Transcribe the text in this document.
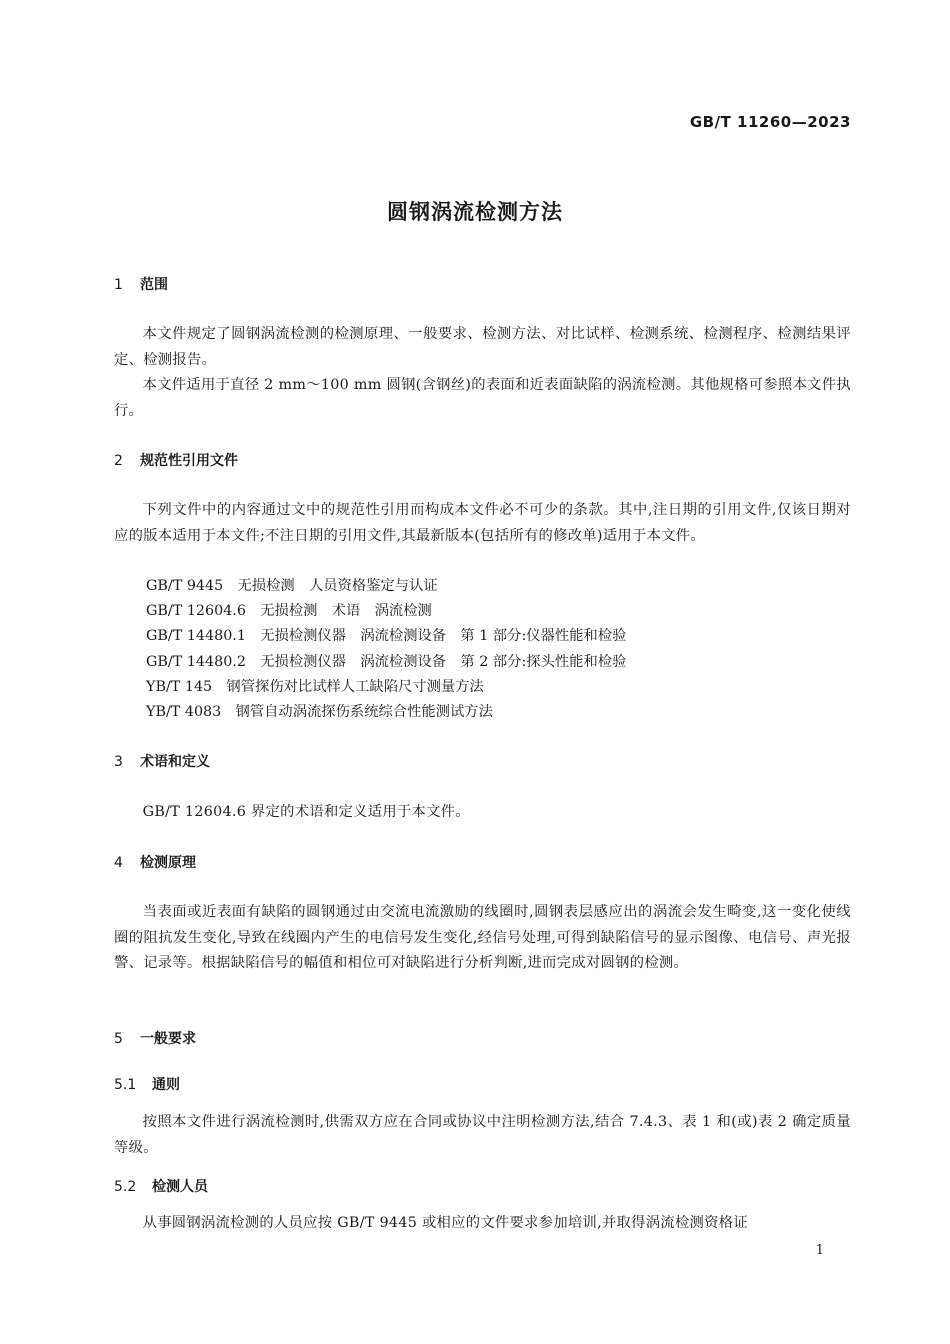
GB/T 11260—2023
圆钢涡流检测方法
1 范围
本文件规定了圆钢涡流检测的检测原理、一般要求、检测方法、对比试样、检测系统、检测程序、检测结果评定、检测报告。
本文件适用于直径 2 mm～100 mm 圆钢(含钢丝)的表面和近表面缺陷的涡流检测。其他规格可参照本文件执行。
2 规范性引用文件
下列文件中的内容通过文中的规范性引用而构成本文件必不可少的条款。其中,注日期的引用文件,仅该日期对应的版本适用于本文件;不注日期的引用文件,其最新版本(包括所有的修改单)适用于本文件。
GB/T 9445　无损检测　人员资格鉴定与认证
GB/T 12604.6　无损检测　术语　涡流检测
GB/T 14480.1　无损检测仪器　涡流检测设备　第 1 部分:仪器性能和检验
GB/T 14480.2　无损检测仪器　涡流检测设备　第 2 部分:探头性能和检验
YB/T 145　钢管探伤对比试样人工缺陷尺寸测量方法
YB/T 4083　钢管自动涡流探伤系统综合性能测试方法
3 术语和定义
GB/T 12604.6 界定的术语和定义适用于本文件。
4 检测原理
当表面或近表面有缺陷的圆钢通过由交流电流激励的线圈时,圆钢表层感应出的涡流会发生畸变,这一变化使线圈的阻抗发生变化,导致在线圈内产生的电信号发生变化,经信号处理,可得到缺陷信号的显示图像、电信号、声光报警、记录等。根据缺陷信号的幅值和相位可对缺陷进行分析判断,进而完成对圆钢的检测。
5 一般要求
5.1 通则
按照本文件进行涡流检测时,供需双方应在合同或协议中注明检测方法,结合 7.4.3、表 1 和(或)表 2 确定质量等级。
5.2 检测人员
从事圆钢涡流检测的人员应按 GB/T 9445 或相应的文件要求参加培训,并取得涡流检测资格证
1
